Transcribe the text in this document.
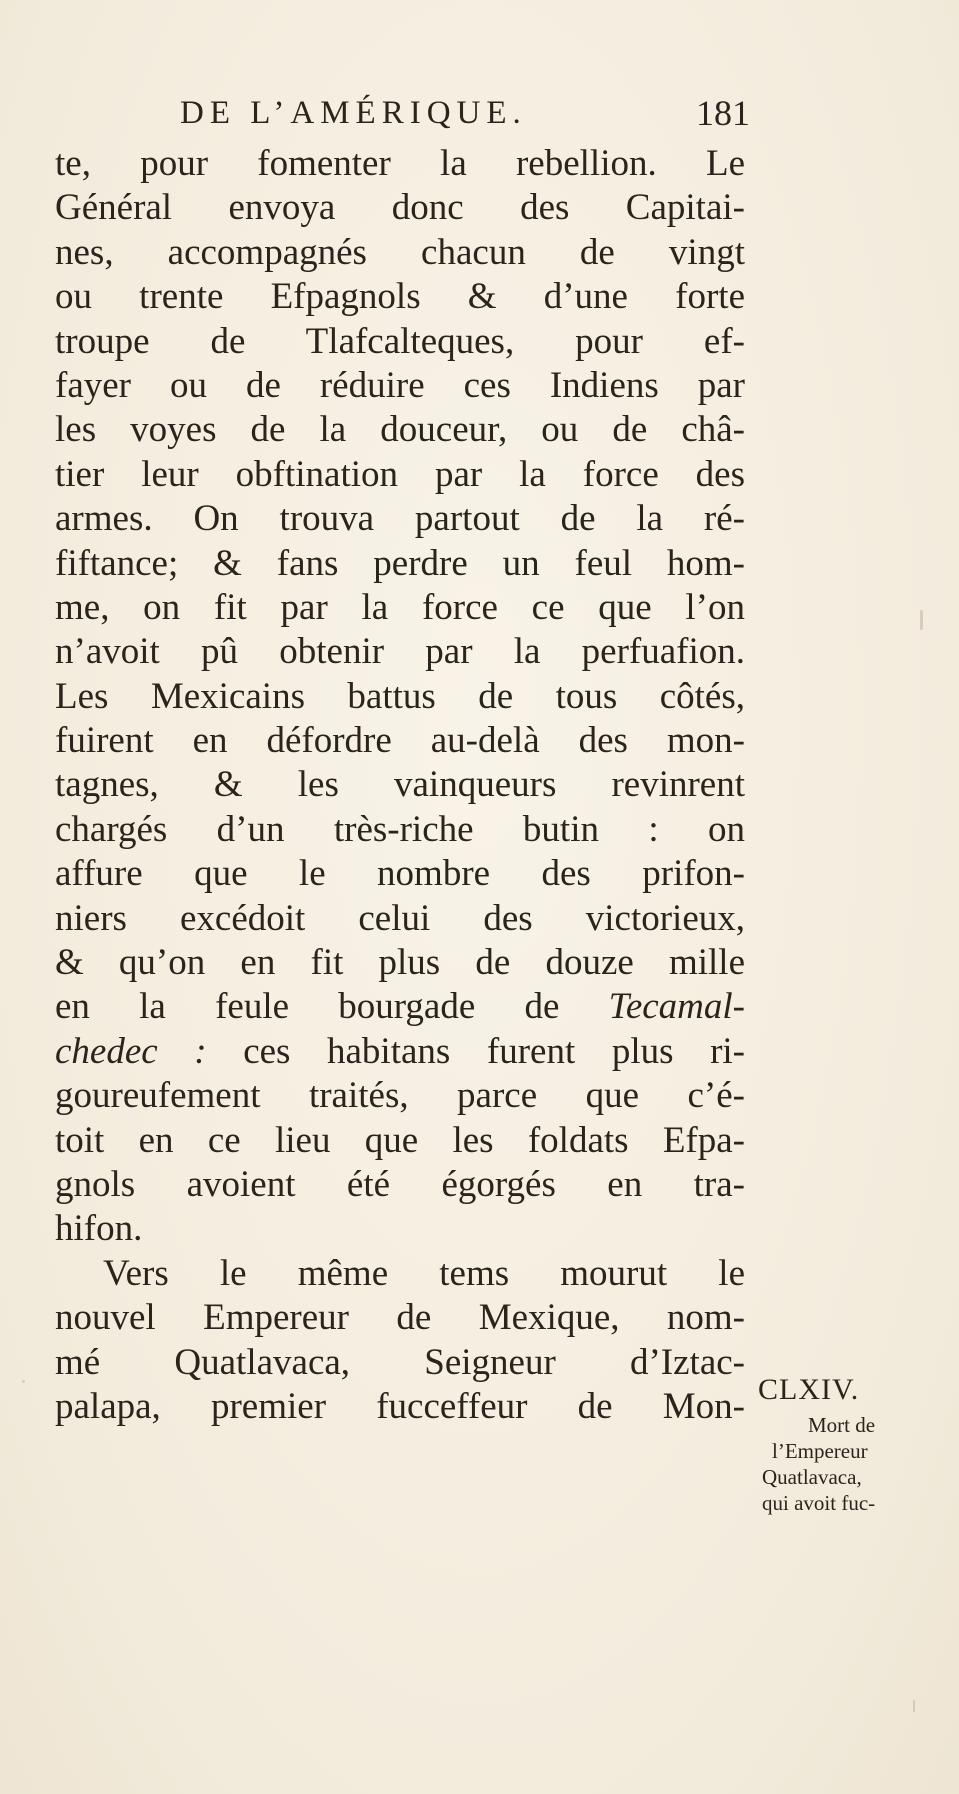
DE L’AMÉRIQUE.	181
te, pour fomenter la rebellion. Le
Général envoya donc des Capitai-
nes, accompagnés chacun de vingt
ou trente Efpagnols & d’une forte
troupe de Tlafcalteques, pour ef-
fayer ou de réduire ces Indiens par
les voyes de la douceur, ou de châ-
tier leur obftination par la force des
armes. On trouva partout de la ré-
fiftance; & fans perdre un feul hom-
me, on fit par la force ce que l’on
n’avoit pû obtenir par la perfuafion.
Les Mexicains battus de tous côtés,
fuirent en défordre au-delà des mon-
tagnes, & les vainqueurs revinrent
chargés d’un très-riche butin : on
affure que le nombre des prifon-
niers excédoit celui des victorieux,
& qu’on en fit plus de douze mille
en la feule bourgade de Tecamal-
chedec : ces habitans furent plus ri-
goureufement traités, parce que c’é-
toit en ce lieu que les foldats Efpa-
gnols avoient été égorgés en tra-
hifon.
Vers le même tems mourut le
nouvel Empereur de Mexique, nom-
mé Quatlavaca, Seigneur d’Iztac-
palapa, premier fucceffeur de Mon- CLXIV.
Mort de
l’Empereur
Quatlavaca,
qui avoit fuc-
